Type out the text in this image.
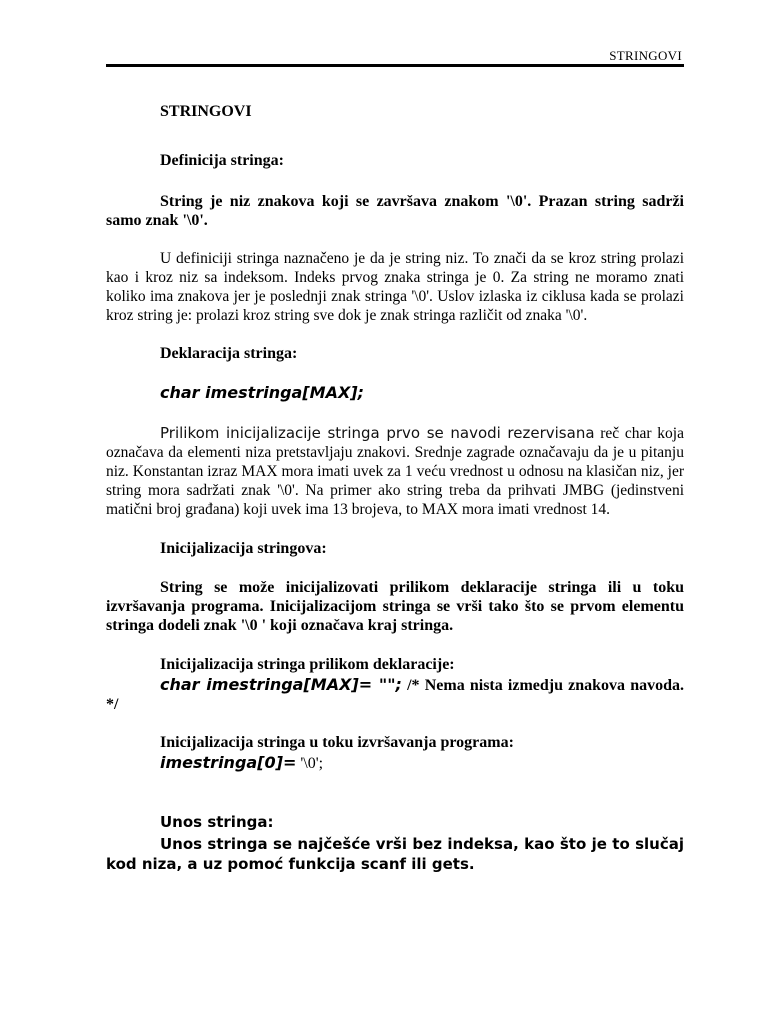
STRINGOVI

STRINGOVI

Definicija stringa:

String je niz znakova koji se završava znakom '\0'. Prazan string sadrži samo znak '\0'.

U definiciji stringa naznačeno je da je string niz. To znači da se kroz string prolazi kao i kroz niz sa indeksom. Indeks prvog znaka stringa je 0. Za string ne moramo znati koliko ima znakova jer je poslednji znak stringa '\0'. Uslov izlaska iz ciklusa kada se prolazi kroz string je: prolazi kroz string sve dok je znak stringa različit od znaka '\0'.

Deklaracija stringa:

char imestringa[MAX];

Prilikom inicijalizacije stringa prvo se navodi rezervisana reč char koja označava da elementi niza pretstavljaju znakovi. Srednje zagrade označavaju da je u pitanju niz. Konstantan izraz MAX mora imati uvek za 1 veću vrednost u odnosu na klasičan niz, jer string mora sadržati znak '\0'. Na primer ako string treba da prihvati JMBG (jedinstveni matični broj građana) koji uvek ima 13 brojeva, to MAX mora imati vrednost 14.

Inicijalizacija stringova:

String se može inicijalizovati prilikom deklaracije stringa ili u toku izvršavanja programa. Inicijalizacijom stringa se vrši tako što se prvom elementu stringa dodeli znak '\0 ' koji označava kraj stringa.

Inicijalizacija stringa prilikom deklaracije:

char imestringa[MAX]= ""; /* Nema nista izmedju znakova navoda. */

Inicijalizacija stringa u toku izvršavanja programa:

imestringa[0]= '\0';

Unos stringa:

Unos stringa se najčešće vrši bez indeksa, kao što je to slučaj kod niza, a uz pomoć funkcija scanf ili gets.
